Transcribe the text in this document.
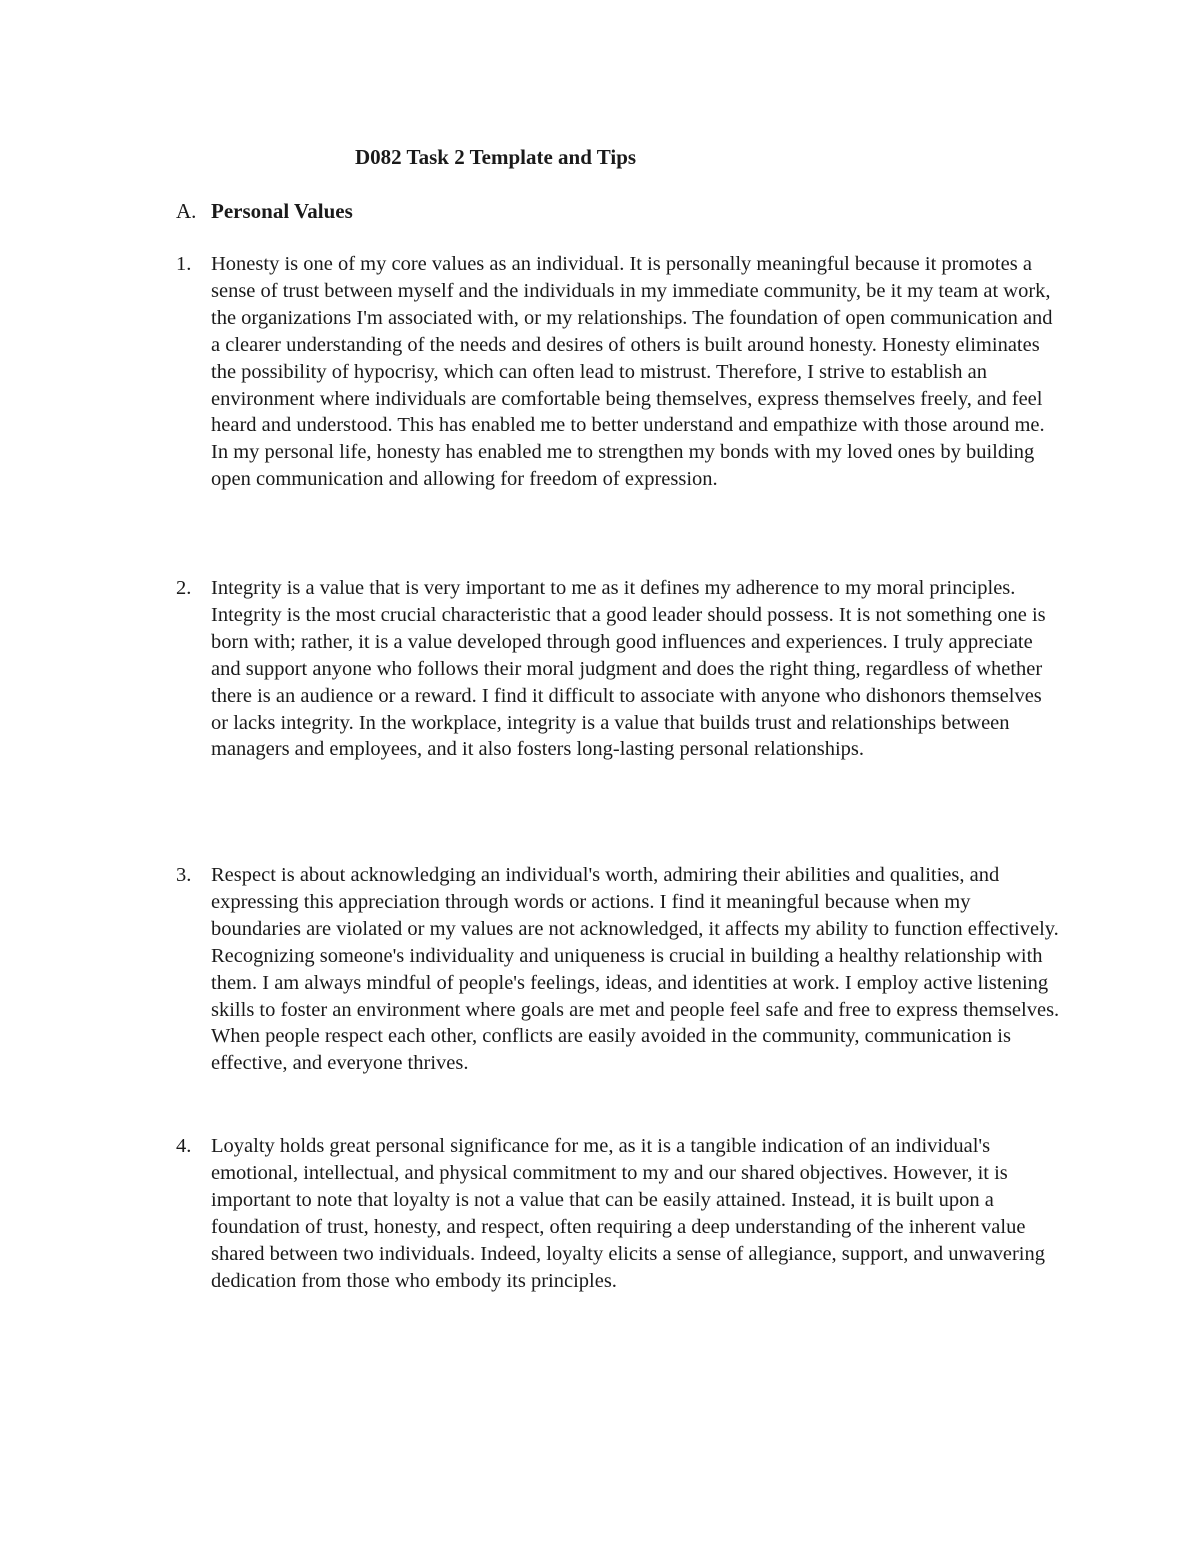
D082 Task 2 Template and Tips
A. Personal Values
1. Honesty is one of my core values as an individual. It is personally meaningful because it promotes a sense of trust between myself and the individuals in my immediate community, be it my team at work, the organizations I'm associated with, or my relationships. The foundation of open communication and a clearer understanding of the needs and desires of others is built around honesty. Honesty eliminates the possibility of hypocrisy, which can often lead to mistrust. Therefore, I strive to establish an environment where individuals are comfortable being themselves, express themselves freely, and feel heard and understood. This has enabled me to better understand and empathize with those around me. In my personal life, honesty has enabled me to strengthen my bonds with my loved ones by building open communication and allowing for freedom of expression.

2. Integrity is a value that is very important to me as it defines my adherence to my moral principles. Integrity is the most crucial characteristic that a good leader should possess. It is not something one is born with; rather, it is a value developed through good influences and experiences. I truly appreciate and support anyone who follows their moral judgment and does the right thing, regardless of whether there is an audience or a reward. I find it difficult to associate with anyone who dishonors themselves or lacks integrity. In the workplace, integrity is a value that builds trust and relationships between managers and employees, and it also fosters long-lasting personal relationships.

3. Respect is about acknowledging an individual's worth, admiring their abilities and qualities, and expressing this appreciation through words or actions. I find it meaningful because when my boundaries are violated or my values are not acknowledged, it affects my ability to function effectively. Recognizing someone's individuality and uniqueness is crucial in building a healthy relationship with them. I am always mindful of people's feelings, ideas, and identities at work. I employ active listening skills to foster an environment where goals are met and people feel safe and free to express themselves. When people respect each other, conflicts are easily avoided in the community, communication is effective, and everyone thrives.

4. Loyalty holds great personal significance for me, as it is a tangible indication of an individual's emotional, intellectual, and physical commitment to my and our shared objectives. However, it is important to note that loyalty is not a value that can be easily attained. Instead, it is built upon a foundation of trust, honesty, and respect, often requiring a deep understanding of the inherent value shared between two individuals. Indeed, loyalty elicits a sense of allegiance, support, and unwavering dedication from those who embody its principles.
